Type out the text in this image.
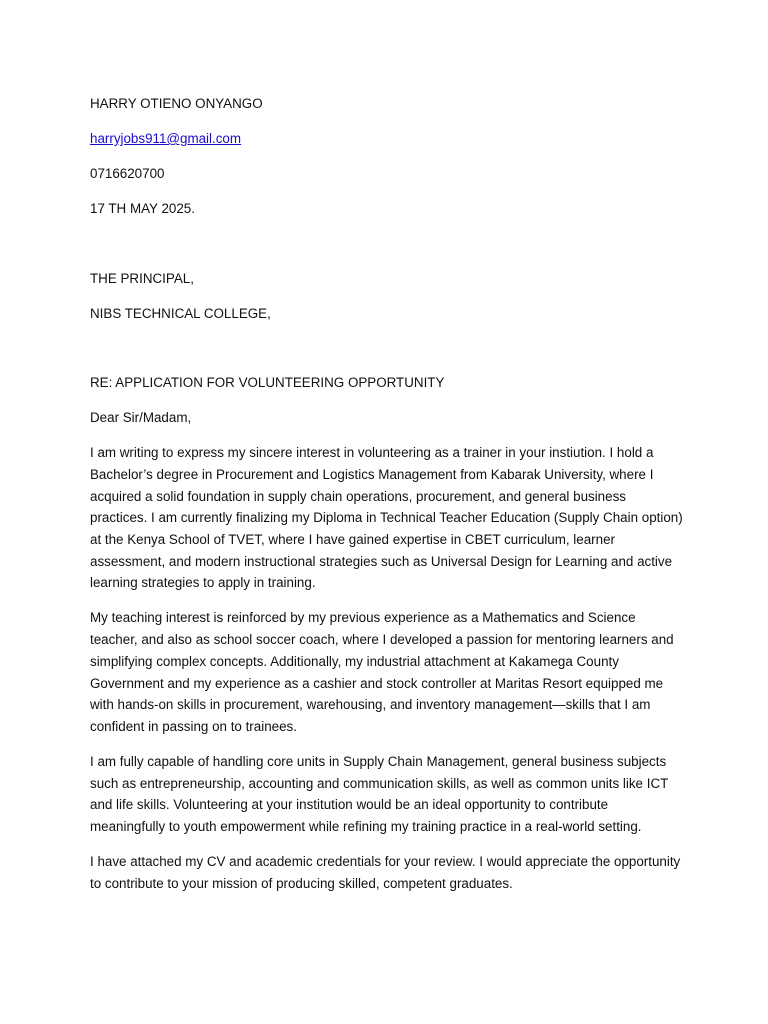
HARRY OTIENO ONYANGO
harryjobs911@gmail.com
0716620700
17 TH MAY 2025.
THE PRINCIPAL,
NIBS TECHNICAL COLLEGE,
RE: APPLICATION FOR VOLUNTEERING OPPORTUNITY
Dear Sir/Madam,
I am writing to express my sincere interest in volunteering as a trainer in your instiution. I hold a Bachelor’s degree in Procurement and Logistics Management from Kabarak University, where I acquired a solid foundation in supply chain operations, procurement, and general business practices. I am currently finalizing my Diploma in Technical Teacher Education (Supply Chain option) at the Kenya School of TVET, where I have gained expertise in CBET curriculum, learner assessment, and modern instructional strategies such as Universal Design for Learning and active learning strategies to apply in training.
My teaching interest is reinforced by my previous experience as a Mathematics and Science teacher, and also as school soccer coach, where I developed a passion for mentoring learners and simplifying complex concepts. Additionally, my industrial attachment at Kakamega County Government and my experience as a cashier and stock controller at Maritas Resort equipped me with hands-on skills in procurement, warehousing, and inventory management—skills that I am confident in passing on to trainees.
I am fully capable of handling core units in Supply Chain Management, general business subjects such as entrepreneurship, accounting and communication skills, as well as common units like ICT and life skills. Volunteering at your institution would be an ideal opportunity to contribute meaningfully to youth empowerment while refining my training practice in a real-world setting.
I have attached my CV and academic credentials for your review. I would appreciate the opportunity to contribute to your mission of producing skilled, competent graduates.
